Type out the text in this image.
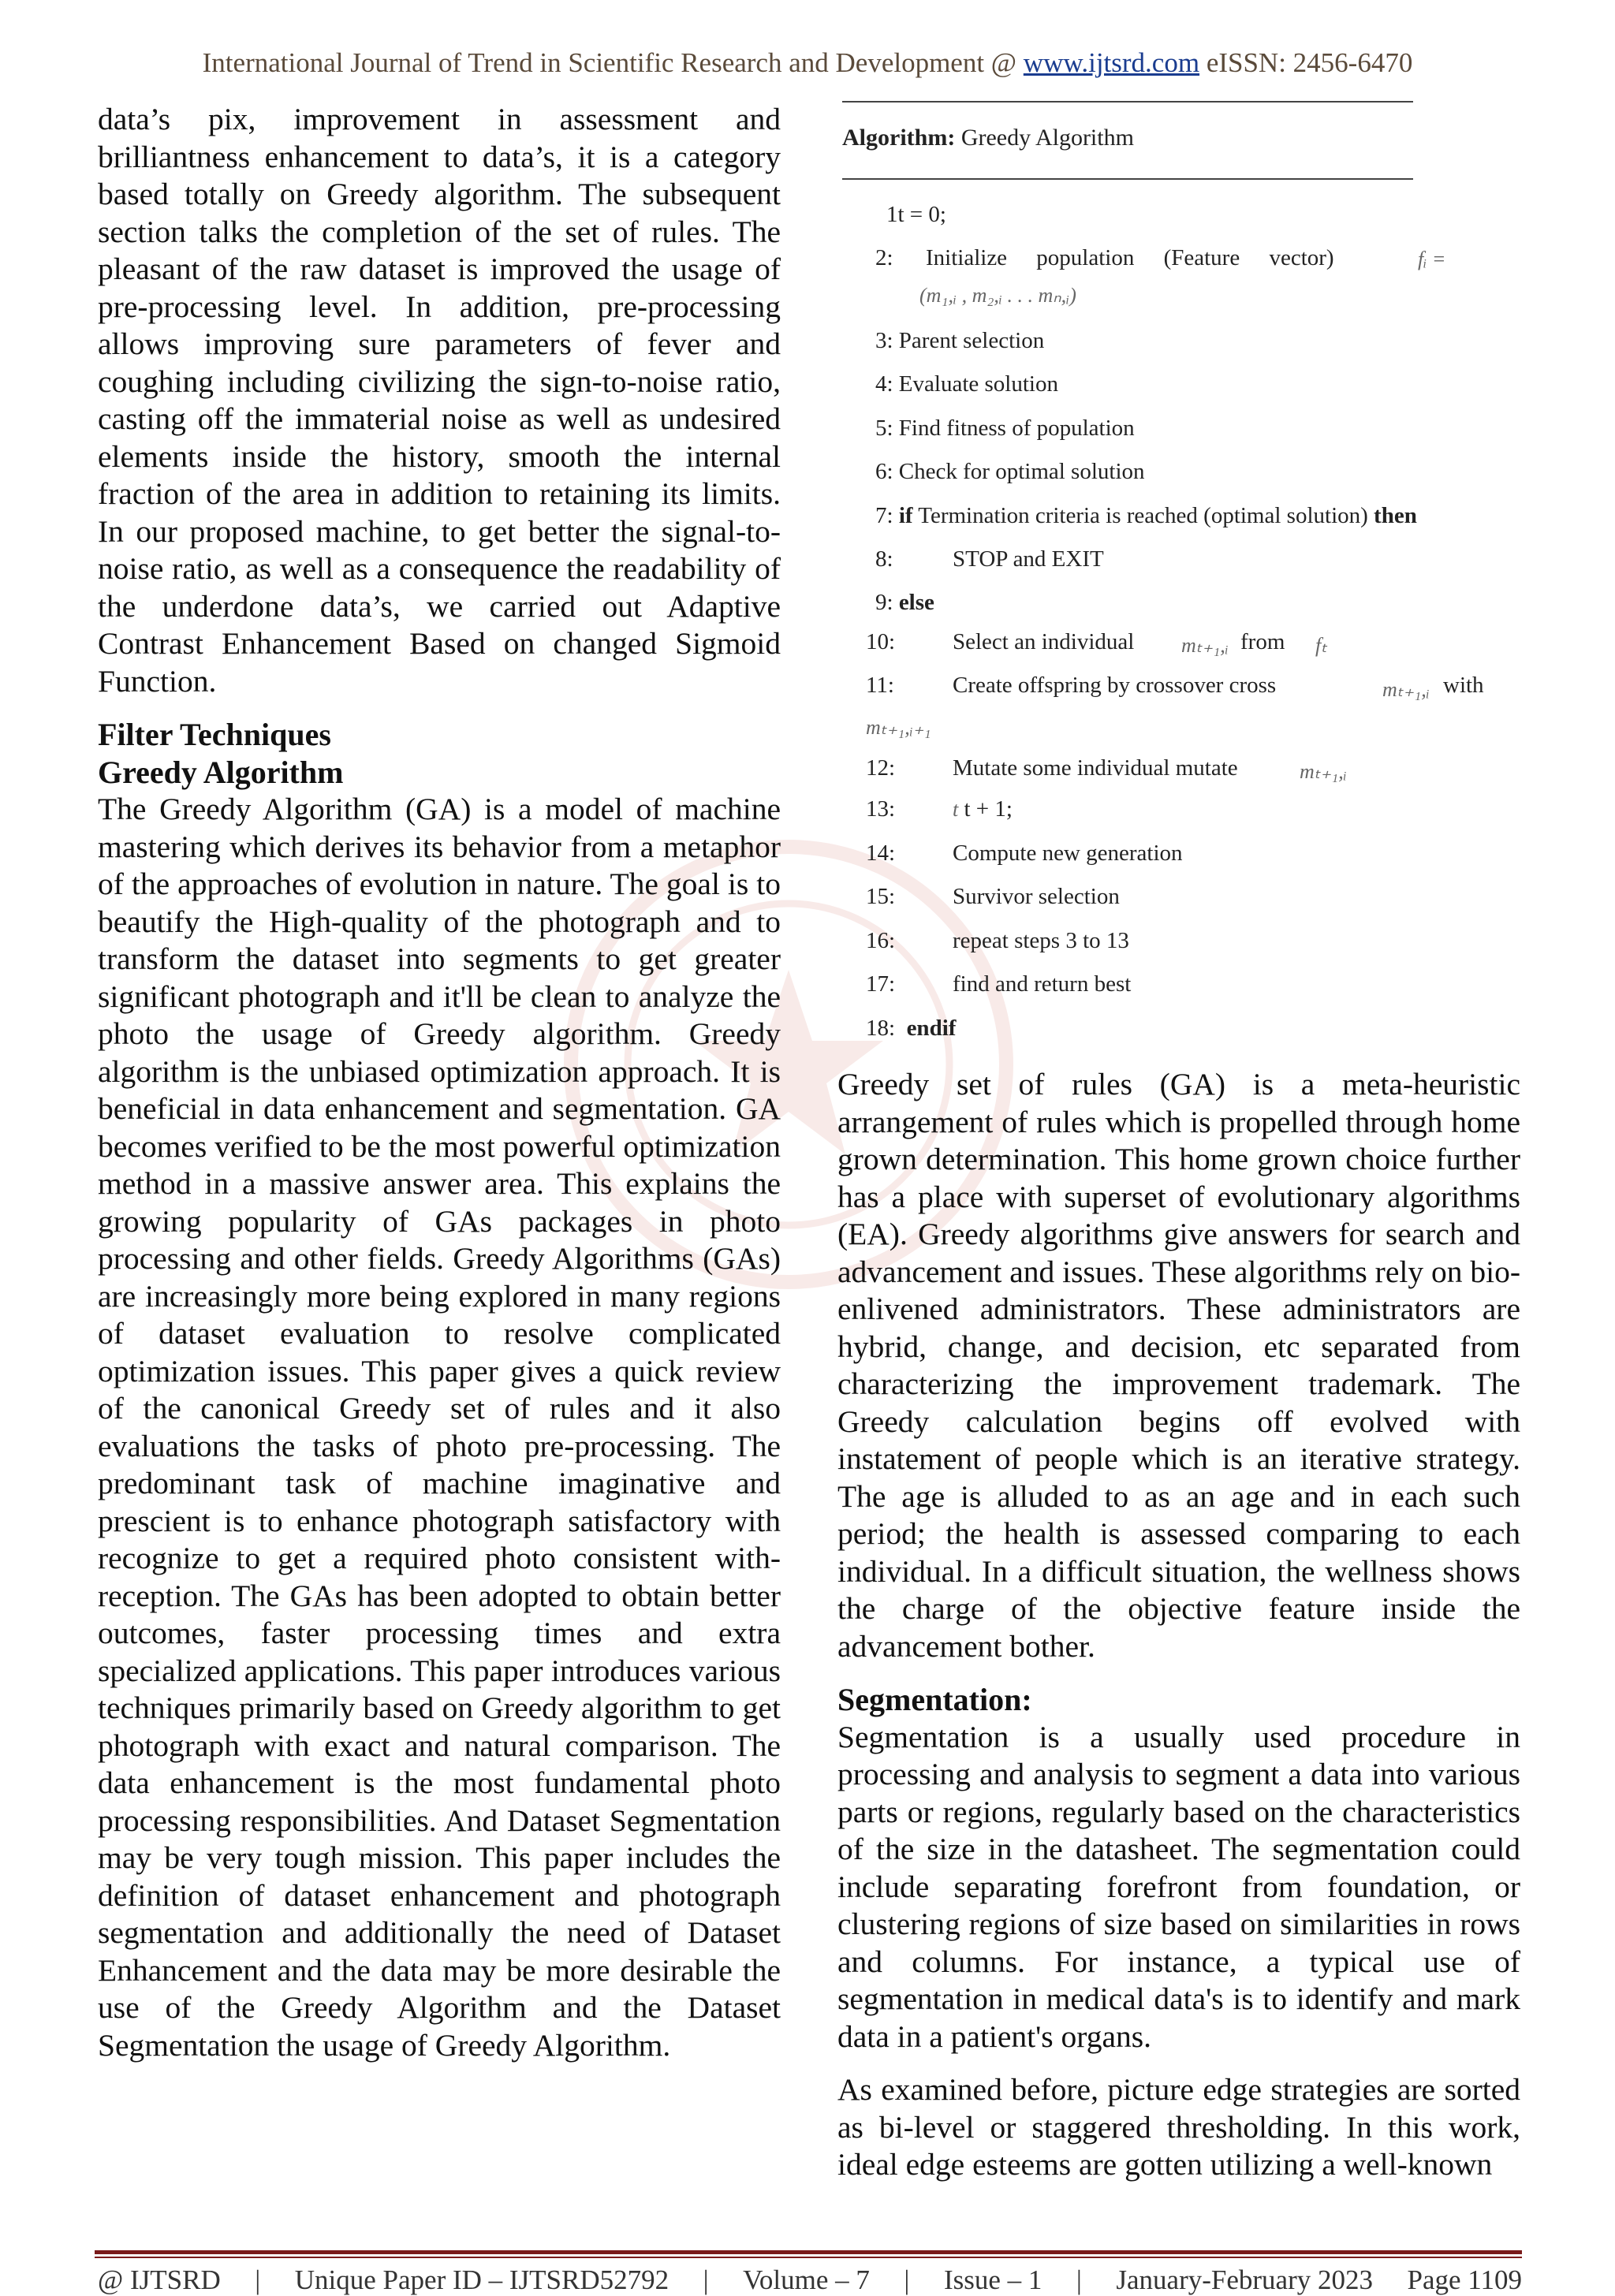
International Journal of Trend in Scientific Research and Development @ www.ijtsrd.com eISSN: 2456-6470

data’s pix, improvement in assessment and brilliantness enhancement to data’s, it is a category based totally on Greedy algorithm. The subsequent section talks the completion of the set of rules. The pleasant of the raw dataset is improved the usage of pre-processing level. In addition, pre-processing allows improving sure parameters of fever and coughing including civilizing the sign-to-noise ratio, casting off the immaterial noise as well as undesired elements inside the history, smooth the internal fraction of the area in addition to retaining its limits. In our proposed machine, to get better the signal-to-noise ratio, as well as a consequence the readability of the underdone data’s, we carried out Adaptive Contrast Enhancement Based on changed Sigmoid Function.

Filter Techniques
Greedy Algorithm

The Greedy Algorithm (GA) is a model of machine mastering which derives its behavior from a metaphor of the approaches of evolution in nature. The goal is to beautify the High-quality of the photograph and to transform the dataset into segments to get greater significant photograph and it'll be clean to analyze the photo the usage of Greedy algorithm. Greedy algorithm is the unbiased optimization approach. It is beneficial in data enhancement and segmentation. GA becomes verified to be the most powerful optimization method in a massive answer area. This explains the growing popularity of GAs packages in photo processing and other fields. Greedy Algorithms (GAs) are increasingly more being explored in many regions of dataset evaluation to resolve complicated optimization issues. This paper gives a quick review of the canonical Greedy set of rules and it also evaluations the tasks of photo pre-processing. The predominant task of machine imaginative and prescient is to enhance photograph satisfactory with recognize to get a required photo consistent with-reception. The GAs has been adopted to obtain better outcomes, faster processing times and extra specialized applications. This paper introduces various techniques primarily based on Greedy algorithm to get photograph with exact and natural comparison. The data enhancement is the most fundamental photo processing responsibilities. And Dataset Segmentation may be very tough mission. This paper includes the definition of dataset enhancement and photograph segmentation and additionally the need of Dataset Enhancement and the data may be more desirable the use of the Greedy Algorithm and the Dataset Segmentation the usage of Greedy Algorithm.

Algorithm: Greedy Algorithm
1t = 0;
2: Initialize population (Feature vector)	fᵢ =
(m₁,ᵢ , m₂,ᵢ . . . mₙ,ᵢ)
3: Parent selection
4: Evaluate solution
5: Find fitness of population
6: Check for optimal solution
7: if Termination criteria is reached (optimal solution) then
8:	STOP and EXIT
9: else
10:	Select an individual mₜ₊₁,ᵢ from fₜ
11:	Create offspring by crossover cross	mₜ₊₁,ᵢ with
mₜ₊₁,ᵢ₊₁
12:	Mutate some individual mutate	mₜ₊₁,ᵢ
13:	t t + 1;
14:	Compute new generation
15:	Survivor selection
16:	repeat steps 3 to 13
17:	find and return best
18: endif

Greedy set of rules (GA) is a meta-heuristic arrangement of rules which is propelled through home grown determination. This home grown choice further has a place with superset of evolutionary algorithms (EA). Greedy algorithms give answers for search and advancement and issues. These algorithms rely on bio-enlivened administrators. These administrators are hybrid, change, and decision, etc separated from characterizing the improvement trademark. The Greedy calculation begins off evolved with instatement of people which is an iterative strategy. The age is alluded to as an age and in each such period; the health is assessed comparing to each individual. In a difficult situation, the wellness shows the charge of the objective feature inside the advancement bother.

Segmentation:

Segmentation is a usually used procedure in processing and analysis to segment a data into various parts or regions, regularly based on the characteristics of the size in the datasheet. The segmentation could include separating forefront from foundation, or clustering regions of size based on similarities in rows and columns. For instance, a typical use of segmentation in medical data's is to identify and mark data in a patient's organs.

As examined before, picture edge strategies are sorted as bi-level or staggered thresholding. In this work, ideal edge esteems are gotten utilizing a well-known

@ IJTSRD | Unique Paper ID – IJTSRD52792 | Volume – 7 | Issue – 1 | January-February 2023 Page 1109
